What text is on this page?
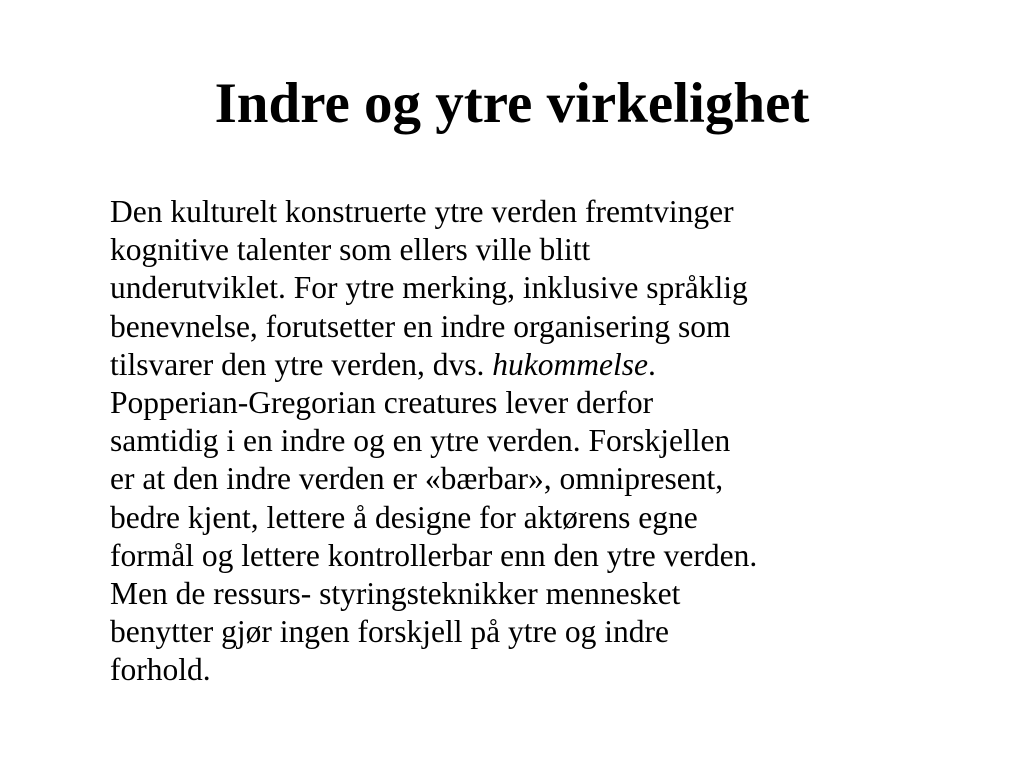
Indre og ytre virkelighet

Den kulturelt konstruerte ytre verden fremtvinger
kognitive talenter som ellers ville blitt
underutviklet. For ytre merking, inklusive språklig
benevnelse, forutsetter en indre organisering som
tilsvarer den ytre verden, dvs. hukommelse.
Popperian-Gregorian creatures lever derfor
samtidig i en indre og en ytre verden. Forskjellen
er at den indre verden er «bærbar», omnipresent,
bedre kjent, lettere å designe for aktørens egne
formål og lettere kontrollerbar enn den ytre verden.
Men de ressurs- styringsteknikker mennesket
benytter gjør ingen forskjell på ytre og indre
forhold.
